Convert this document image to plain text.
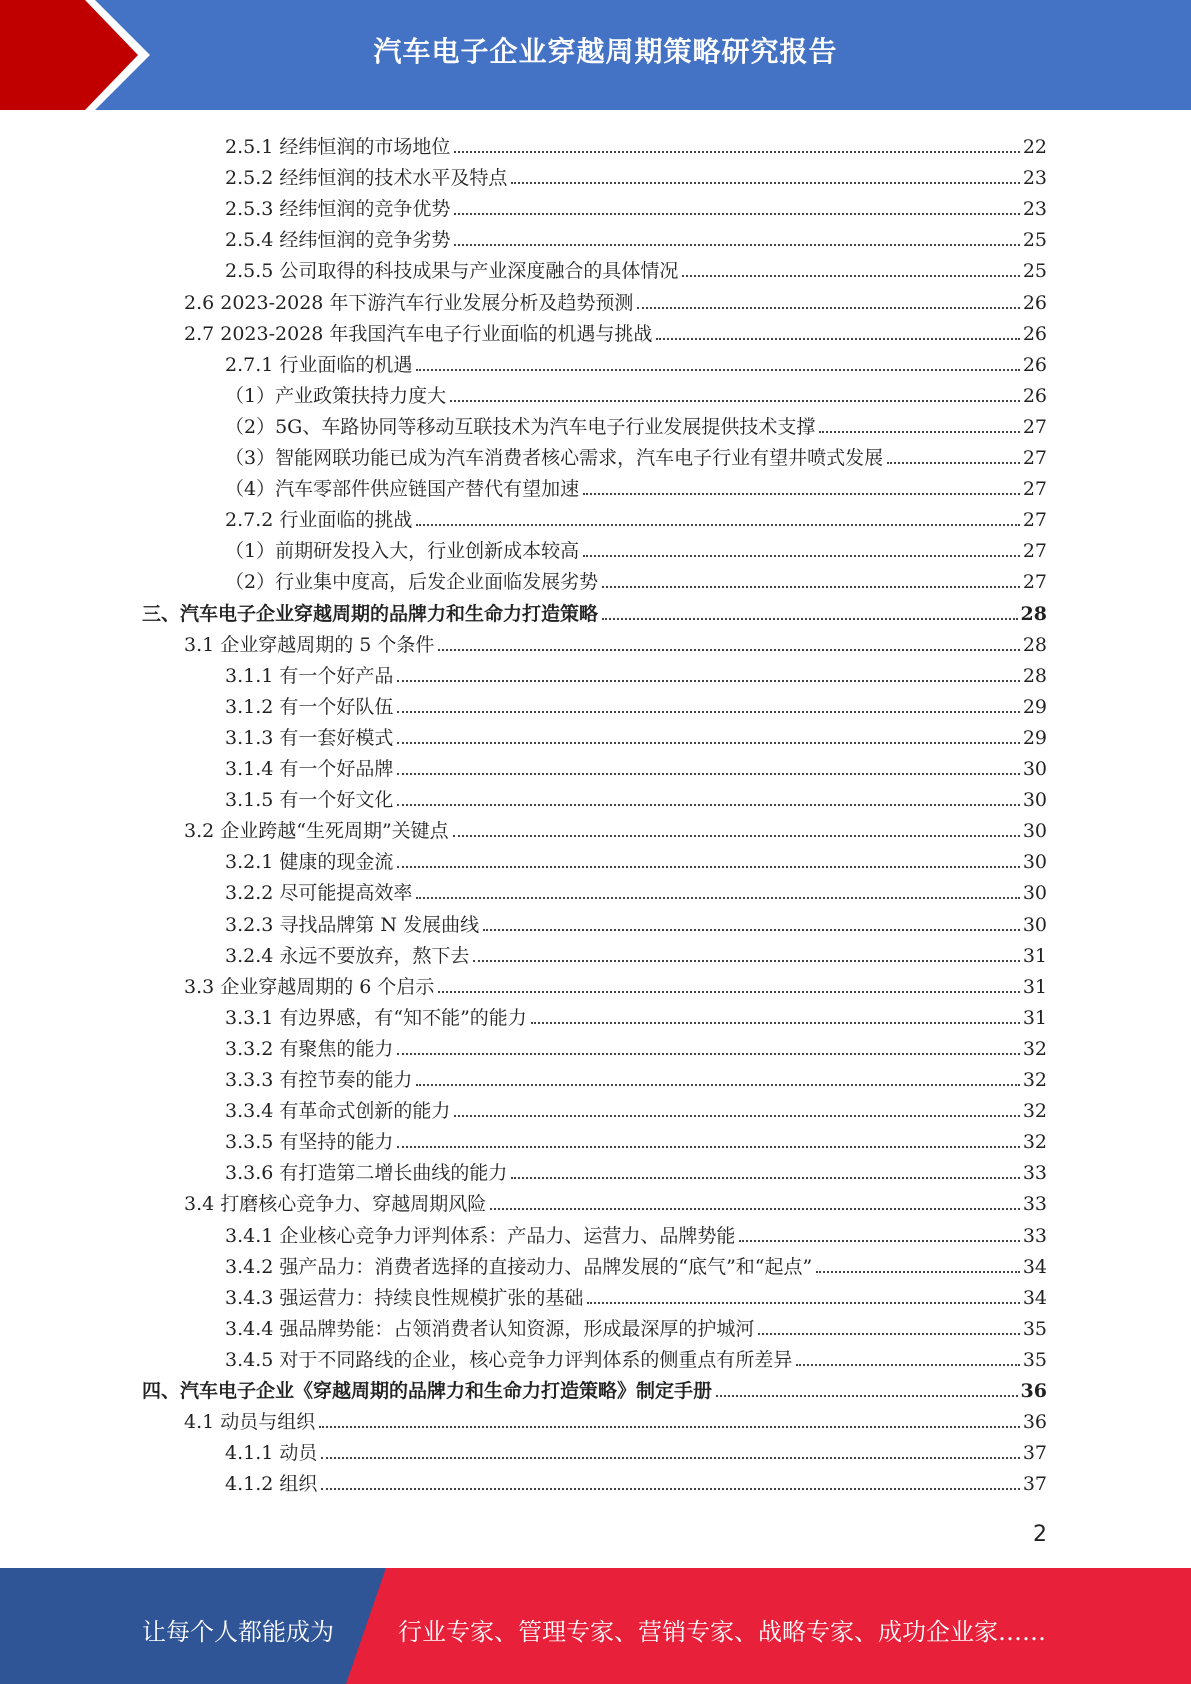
汽车电子企业穿越周期策略研究报告
2.5.1 经纬恒润的市场地位	22
2.5.2 经纬恒润的技术水平及特点	23
2.5.3 经纬恒润的竞争优势	23
2.5.4 经纬恒润的竞争劣势	25
2.5.5 公司取得的科技成果与产业深度融合的具体情况	25
2.6 2023-2028 年下游汽车行业发展分析及趋势预测	26
2.7 2023-2028 年我国汽车电子行业面临的机遇与挑战	26
2.7.1 行业面临的机遇	26
（1）产业政策扶持力度大	26
（2）5G、车路协同等移动互联技术为汽车电子行业发展提供技术支撑	27
（3）智能网联功能已成为汽车消费者核心需求，汽车电子行业有望井喷式发展	27
（4）汽车零部件供应链国产替代有望加速	27
2.7.2 行业面临的挑战	27
（1）前期研发投入大，行业创新成本较高	27
（2）行业集中度高，后发企业面临发展劣势	27
三、汽车电子企业穿越周期的品牌力和生命力打造策略	28
3.1 企业穿越周期的 5 个条件	28
3.1.1 有一个好产品	28
3.1.2 有一个好队伍	29
3.1.3 有一套好模式	29
3.1.4 有一个好品牌	30
3.1.5 有一个好文化	30
3.2 企业跨越“生死周期”关键点	30
3.2.1 健康的现金流	30
3.2.2 尽可能提高效率	30
3.2.3 寻找品牌第 N 发展曲线	30
3.2.4 永远不要放弃，熬下去	31
3.3 企业穿越周期的 6 个启示	31
3.3.1 有边界感，有“知不能”的能力	31
3.3.2 有聚焦的能力	32
3.3.3 有控节奏的能力	32
3.3.4 有革命式创新的能力	32
3.3.5 有坚持的能力	32
3.3.6 有打造第二增长曲线的能力	33
3.4 打磨核心竞争力、穿越周期风险	33
3.4.1 企业核心竞争力评判体系：产品力、运营力、品牌势能	33
3.4.2 强产品力：消费者选择的直接动力、品牌发展的“底气”和“起点”	34
3.4.3 强运营力：持续良性规模扩张的基础	34
3.4.4 强品牌势能：占领消费者认知资源，形成最深厚的护城河	35
3.4.5 对于不同路线的企业，核心竞争力评判体系的侧重点有所差异	35
四、汽车电子企业《穿越周期的品牌力和生命力打造策略》制定手册	36
4.1 动员与组织	36
4.1.1 动员	37
4.1.2 组织	37
2
让每个人都能成为	行业专家、管理专家、营销专家、战略专家、成功企业家……
